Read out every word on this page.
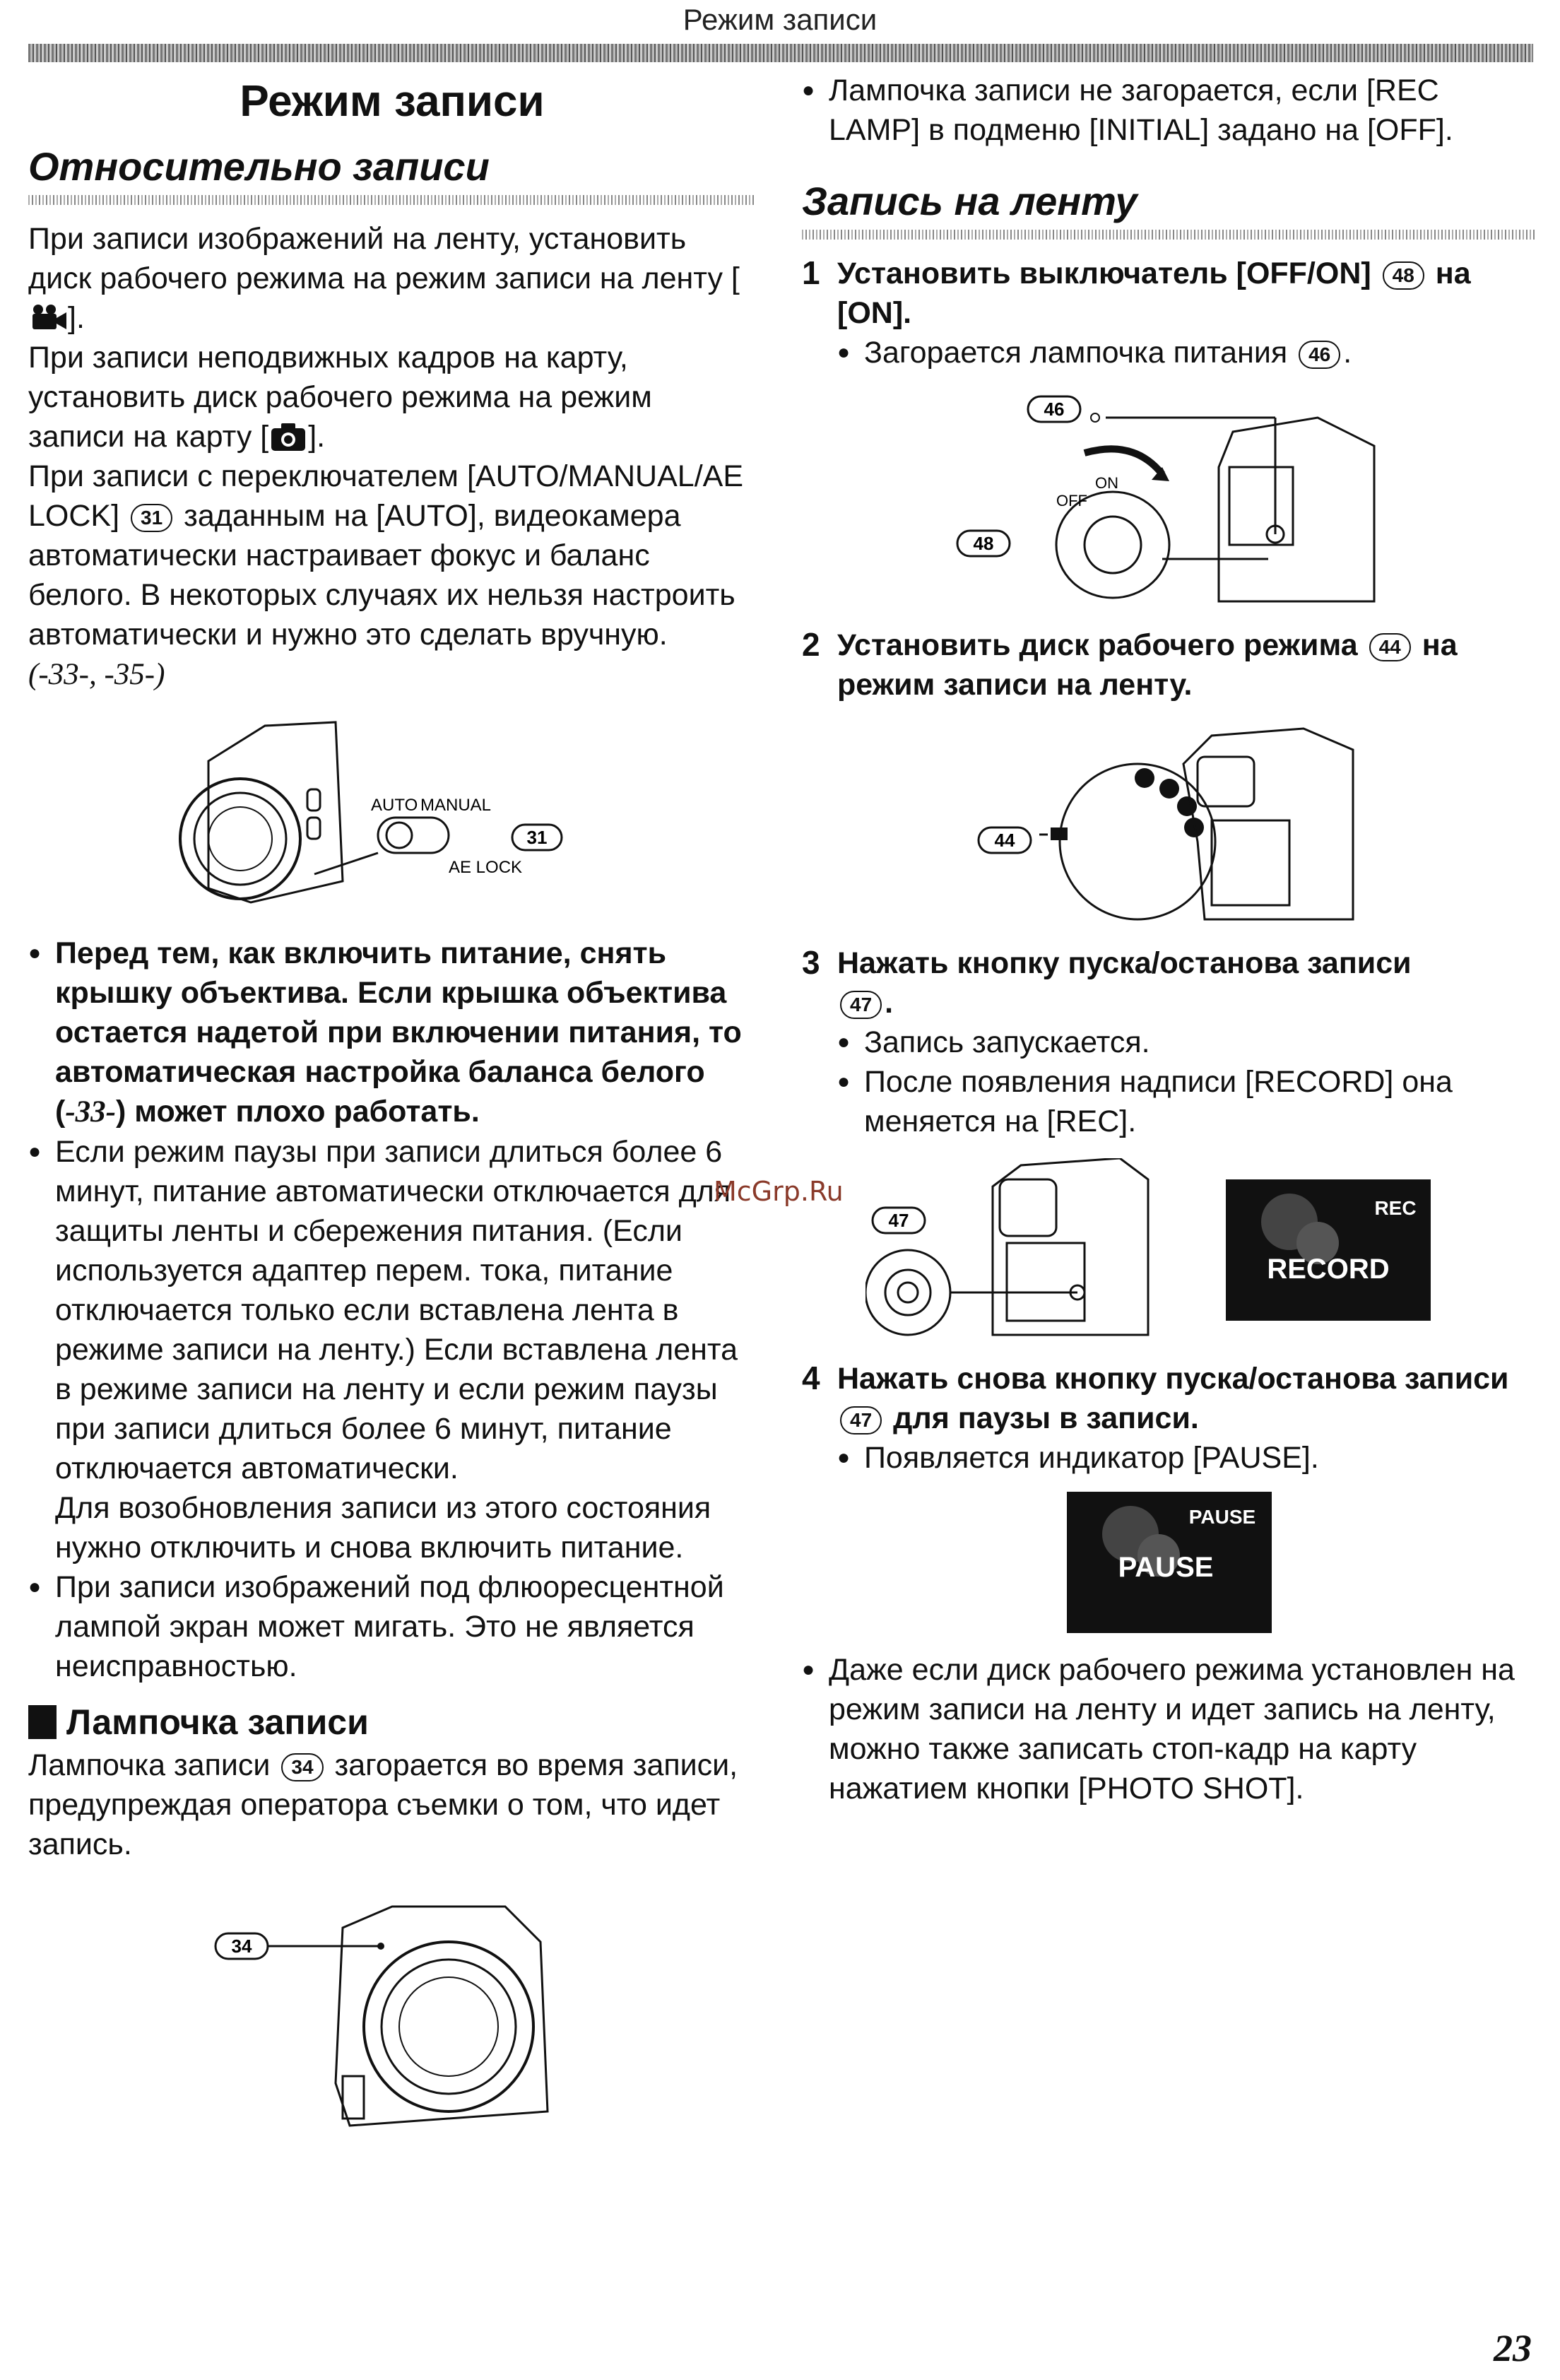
Режим записи
Режим записи
Относительно записи

При записи изображений на ленту, установить диск рабочего режима на режим записи на ленту [].

При записи неподвижных кадров на карту, установить диск рабочего режима на режим записи на карту [ ].

При записи с переключателем [AUTO/MANUAL/AE LOCK] 31 заданным на [AUTO], видеокамера автоматически настраивает фокус и баланс белого. В некоторых случаях их нельзя настроить автоматически и нужно это сделать вручную.
(-33-, -35-)

AUTO MANUAL
AE LOCK
31
● Перед тем, как включить питание, снять крышку объектива. Если крышка объектива остается надетой при включении питания, то автоматическая настройка баланса белого (-33-) может плохо работать.
● Если режим паузы при записи длиться более 6 минут, питание автоматически отключается для защиты ленты и сбережения питания. (Если используется адаптер перем. тока, питание отключается только если вставлена лента в режиме записи на ленту.) Если вставлена лента в режиме записи на ленту и если режим паузы при записи длиться более 6 минут, питание отключается автоматически.
Для возобновления записи из этого состояния нужно отключить и снова включить питание.
● При записи изображений под флюоресцентной лампой экран может мигать. Это не является неисправностью.
Лампочка записи

Лампочка записи 34 загорается во время записи, предупреждая оператора съемки о том, что идет запись.

34
● Лампочка записи не загорается, если [REC LAMP] в подменю [INITIAL] задано на [OFF].
Запись на ленту
1 Установить выключатель [OFF/ON] 48 на [ON].
● Загорается лампочка питания 46 .
46
48
OFF
ON
2 Установить диск рабочего режима 44 на режим записи на ленту.
44
3 Нажать кнопку пуска/останова записи
47 .
● Запись запускается.
● После появления надписи [RECORD] она меняется на [REC].
47
REC
RECORD
4 Нажать снова кнопку пуска/останова записи 47 для паузы в записи.
● Появляется индикатор [PAUSE].
PAUSE
PAUSE
● Даже если диск рабочего режима установлен на режим записи на ленту и идет запись на ленту, можно также записать стоп-кадр на карту нажатием кнопки [PHOTO SHOT].
McGrp.Ru
23
